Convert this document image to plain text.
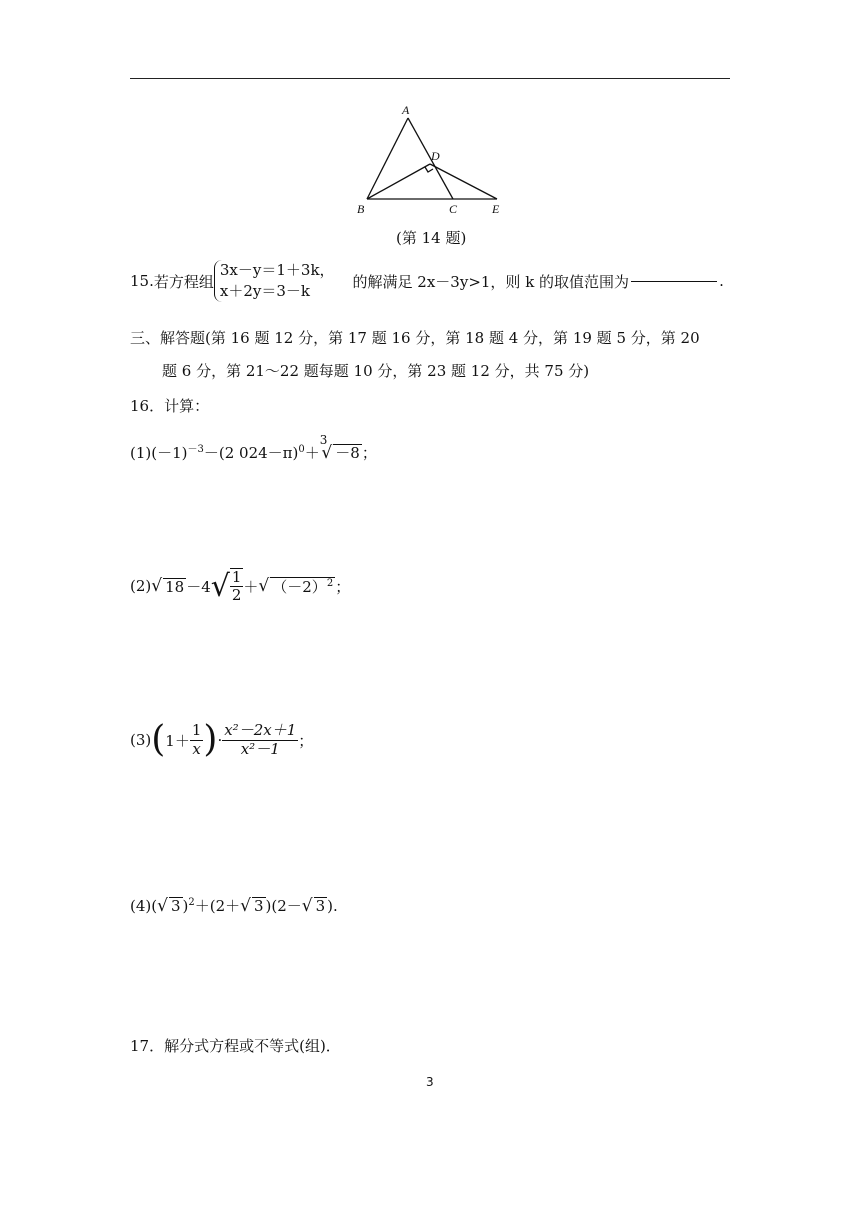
A
B	C
D
E
(第 14 题)
15. 若方程组
3x－y＝1＋3k，
x＋2y＝3－k
的解满足 2x－3y>1，则 k 的取值范围为	.
三、解答题(第 16 题 12 分，第 17 题 16 分，第 18 题 4 分，第 19 题 5 分，第 20
题 6 分，第 21～22 题每题 10 分，第 23 题 12 分，共 75 分)
16．计算：
$(1)(-1)^{-3}-(2$ 024－π)$^0$＋$^3$√ －8 ；
(2) √ 18 －4 √ $\frac{1}{2}$ ＋ √ $(-2)^2$ ；
(3) ( $1+ \frac{1}{x}$ ) · $\frac{\text{x²－2x＋1}}{\text{x²－1}}$ ；
(4)(√ 3 )$^2$＋(2＋√ 3 )(2－√ 3 ).
17．解分式方程或不等式(组)．
3
